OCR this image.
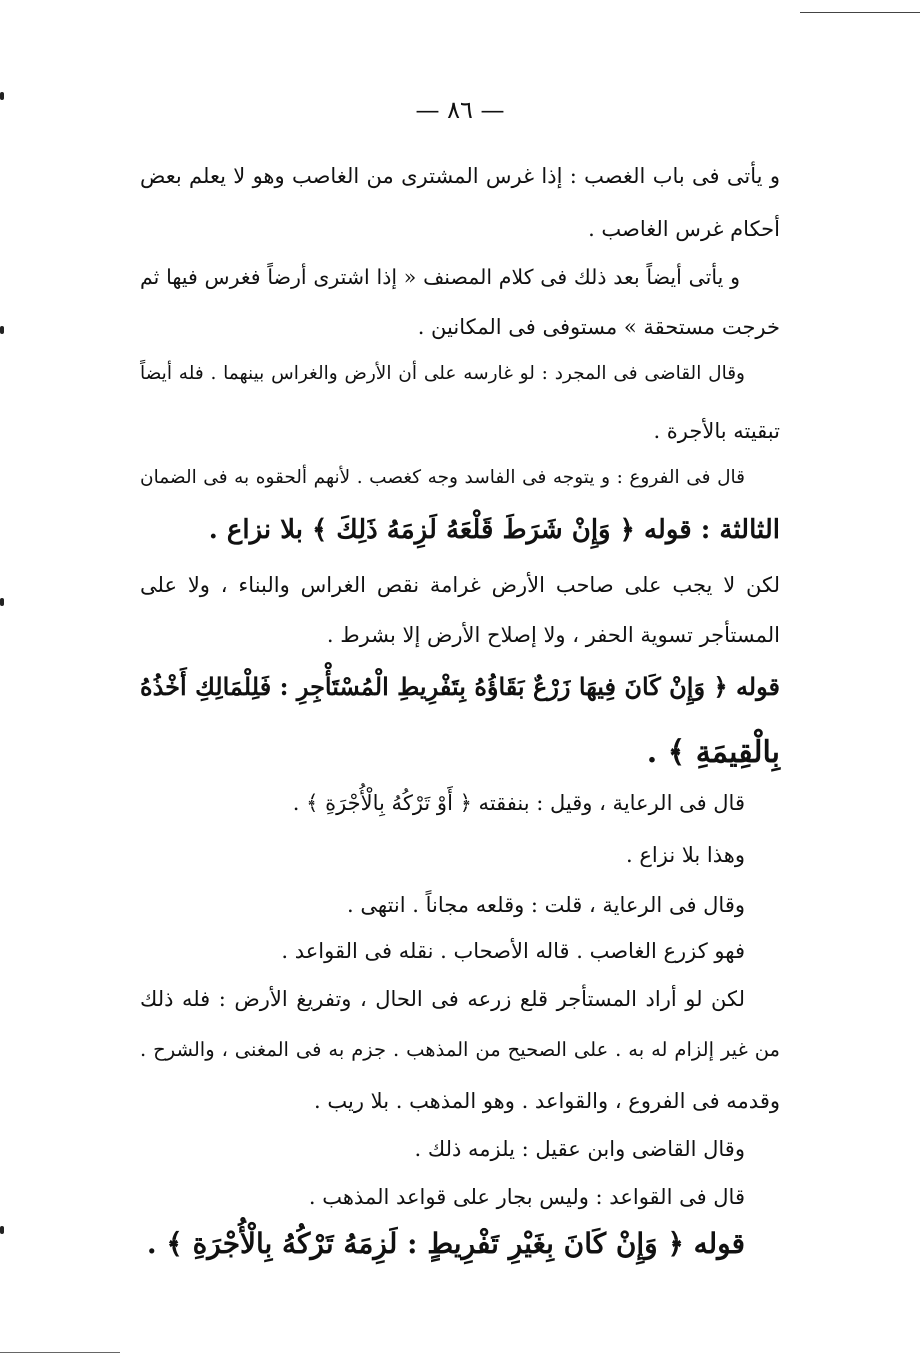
— ٨٦ —
و يأتى فى باب الغصب : إذا غرس المشترى من الغاصب وهو لا يعلم بعض
أحكام غرس الغاصب .
و يأتى أيضاً بعد ذلك فى كلام المصنف « إذا اشترى أرضاً فغرس فيها ثم
خرجت مستحقة » مستوفى فى المكانين .
وقال القاضى فى المجرد : لو غارسه على أن الأرض والغراس بينهما . فله أيضاً
تبقيته بالأجرة .
قال فى الفروع : و يتوجه فى الفاسد وجه كغصب . لأنهم ألحقوه به فى الضمان
الثالثة : قوله ﴿ وَإِنْ شَرَطَ قَلْعَهُ لَزِمَهُ ذَلِكَ ﴾ بلا نزاع .
لكن لا يجب على صاحب الأرض غرامة نقص الغراس والبناء ، ولا على
المستأجر تسوية الحفر ، ولا إصلاح الأرض إلا بشرط .
قوله ﴿ وَإِنْ كَانَ فِيهَا زَرْعٌ بَقَاؤُهُ بِتَفْرِيطِ الْمُسْتَأْجِرِ : فَلِلْمَالِكِ أَخْذُهُ
بِالْقِيمَةِ ﴾ .
قال فى الرعاية ، وقيل : بنفقته ﴿ أَوْ تَرْكُهُ بِالْأُجْرَةِ ﴾ .
وهذا بلا نزاع .
وقال فى الرعاية ، قلت : وقلعه مجاناً . انتهى .
فهو كزرع الغاصب . قاله الأصحاب . نقله فى القواعد .
لكن لو أراد المستأجر قلع زرعه فى الحال ، وتفريغ الأرض : فله ذلك
من غير إلزام له به . على الصحيح من المذهب . جزم به فى المغنى ، والشرح .
وقدمه فى الفروع ، والقواعد . وهو المذهب . بلا ريب .
وقال القاضى وابن عقيل : يلزمه ذلك .
قال فى القواعد : وليس بجار على قواعد المذهب .
قوله ﴿ وَإِنْ كَانَ بِغَيْرِ تَفْرِيطٍ : لَزِمَهُ تَرْكُهُ بِالْأُجْرَةِ ﴾ .
